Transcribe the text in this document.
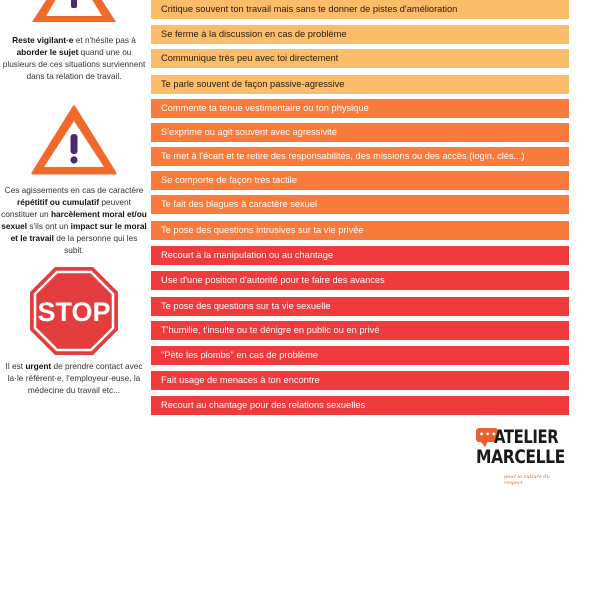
Reste vigilant·e et n'hésite pas à aborder le sujet quand une ou plusieurs de ces situations surviennent dans ta relation de travail.
Ces agissements en cas de caractère répétitif ou cumulatif peuvent constituer un harcèlement moral et/ou sexuel s'ils ont un impact sur le moral et le travail de la personne qui les subit.
STOP
Il est urgent de prendre contact avec la·le référent·e, l'employeur·euse, la médecine du travail etc...
Critique souvent ton travail mais sans te donner de pistes d'amélioration
Se ferme à la discussion en cas de problème
Communique très peu avec toi directement
Te parle souvent de façon passive-agressive
Commente ta tenue vestimentaire ou ton physique
S'exprime ou agit souvent avec agressivité
Te met à l'écart et te retire des responsabilités, des missions ou des accès (login, clés...)
Se comporte de façon très tactile
Te fait des blagues à caractère sexuel
Te pose des questions intrusives sur ta vie privée
Recourt à la manipulation ou au chantage
Use d'une position d'autorité pour te faire des avances
Te pose des questions sur ta vie sexuelle
T'humilie, t'insulte ou te dénigre en public ou en privé
"Pète les plombs" en cas de problème
Fait usage de menaces à ton encontre
Recourt au chantage pour des relations sexuelles
•••
ATELIER
MARCELLE
pour la culture du respect
